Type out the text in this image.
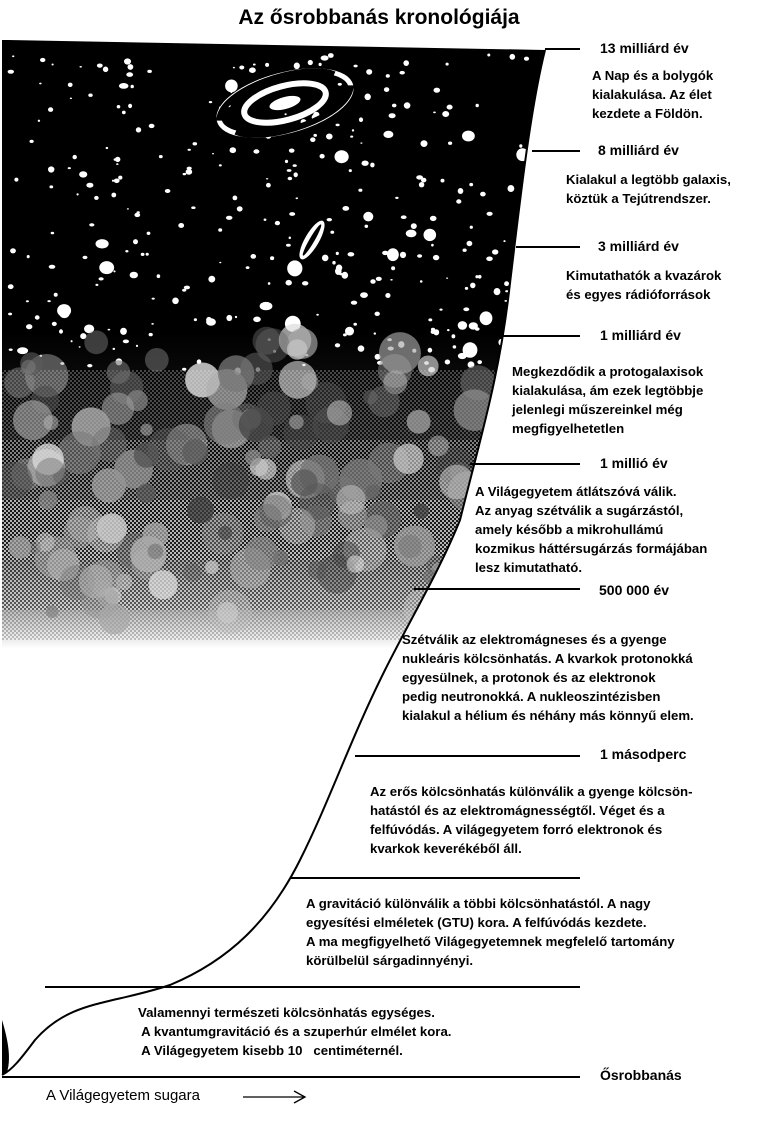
Az ősrobbanás kronológiája
13 milliárd év
A Nap és a bolygók
kialakulása. Az élet
kezdete a Földön.
8 milliárd év
Kialakul a legtöbb galaxis,
köztük a Tejútrendszer.
3 milliárd év
Kimutathatók a kvazárok
és egyes rádióforrások
1 milliárd év
Megkezdődik a protogalaxisok
kialakulása, ám ezek legtöbbje
jelenlegi műszereinkel még
megfigyelhetetlen
1 millió év
A Világegyetem átlátszóvá válik.
Az anyag szétválik a sugárzástól,
amely később a mikrohullámú
kozmikus háttérsugárzás formájában
lesz kimutatható.
500 000 év
Szétválik az elektromágneses és a gyenge
nukleáris kölcsönhatás. A kvarkok protonokká
egyesülnek, a protonok és az elektronok
pedig neutronokká. A nukleoszintézisben
kialakul a hélium és néhány más könnyű elem.
1 másodperc
Az erős kölcsönhatás különválik a gyenge kölcsön-
hatástól és az elektromágnességtől. Véget és a
felfúvódás. A világegyetem forró elektronok és
kvarkok keverékéből áll.
A gravitáció különválik a többi kölcsönhatástól. A nagy
egyesítési elméletek (GTU) kora. A felfúvódás kezdete.
A ma megfigyelhető Világegyetemnek megfelelő tartomány
körülbelül sárgadinnyényi.
Valamennyi természeti kölcsönhatás egységes.
A kvantumgravitáció és a szuperhúr elmélet kora.
A Világegyetem kisebb 10   centiméternél.
Ősrobbanás
A Világegyetem sugara
